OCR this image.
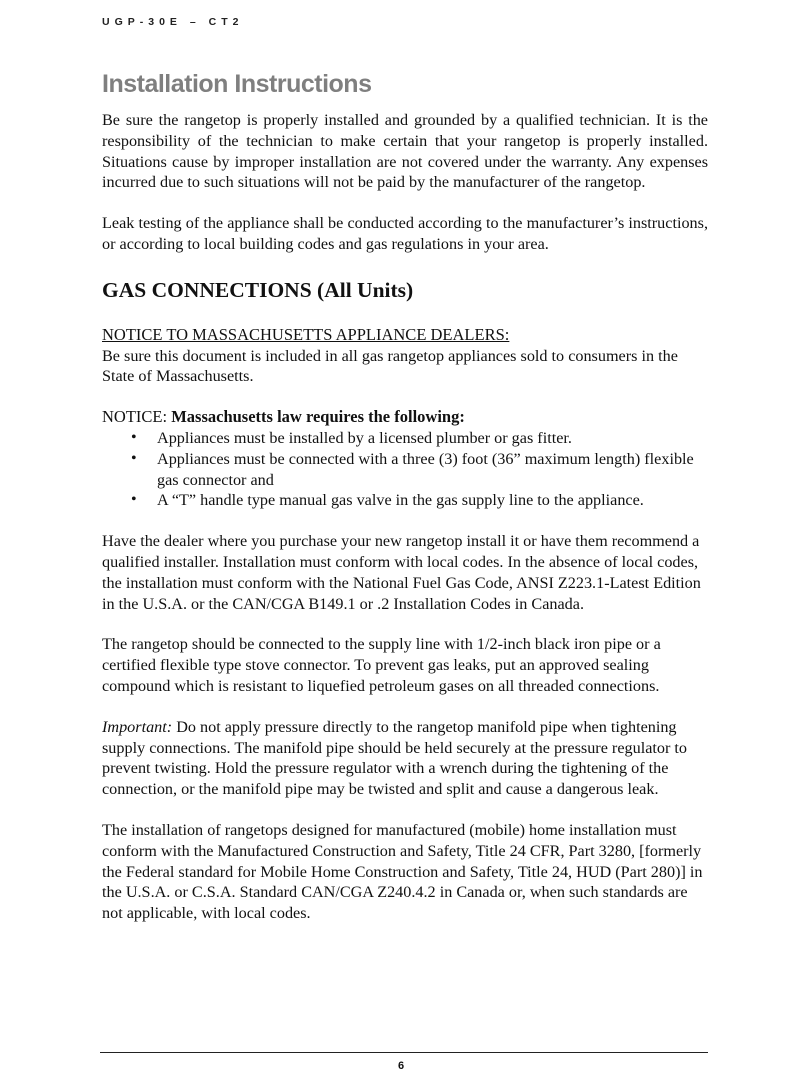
UGP-30E – CT2
Installation Instructions

Be sure the rangetop is properly installed and grounded by a qualified technician. It is the responsibility of the technician to make certain that your rangetop is properly installed. Situations cause by improper installation are not covered under the warranty. Any expenses incurred due to such situations will not be paid by the manufacturer of the rangetop.

Leak testing of the appliance shall be conducted according to the manufacturer’s instructions, or according to local building codes and gas regulations in your area.

GAS CONNECTIONS (All Units)

NOTICE TO MASSACHUSETTS APPLIANCE DEALERS:

Be sure this document is included in all gas rangetop appliances sold to consumers in the State of Massachusetts.

NOTICE: Massachusetts law requires the following:

• Appliances must be installed by a licensed plumber or gas fitter.
• Appliances must be connected with a three (3) foot (36” maximum length) flexible gas connector and
• A “T” handle type manual gas valve in the gas supply line to the appliance.

Have the dealer where you purchase your new rangetop install it or have them recommend a qualified installer. Installation must conform with local codes. In the absence of local codes, the installation must conform with the National Fuel Gas Code, ANSI Z223.1-Latest Edition in the U.S.A. or the CAN/CGA B149.1 or .2 Installation Codes in Canada.

The rangetop should be connected to the supply line with 1/2-inch black iron pipe or a certified flexible type stove connector. To prevent gas leaks, put an approved sealing compound which is resistant to liquefied petroleum gases on all threaded connections.

Important: Do not apply pressure directly to the rangetop manifold pipe when tightening supply connections. The manifold pipe should be held securely at the pressure regulator to prevent twisting. Hold the pressure regulator with a wrench during the tightening of the connection, or the manifold pipe may be twisted and split and cause a dangerous leak.

The installation of rangetops designed for manufactured (mobile) home installation must conform with the Manufactured Construction and Safety, Title 24 CFR, Part 3280, [formerly the Federal standard for Mobile Home Construction and Safety, Title 24, HUD (Part 280)] in the U.S.A. or C.S.A. Standard CAN/CGA Z240.4.2 in Canada or, when such standards are not applicable, with local codes.

6
